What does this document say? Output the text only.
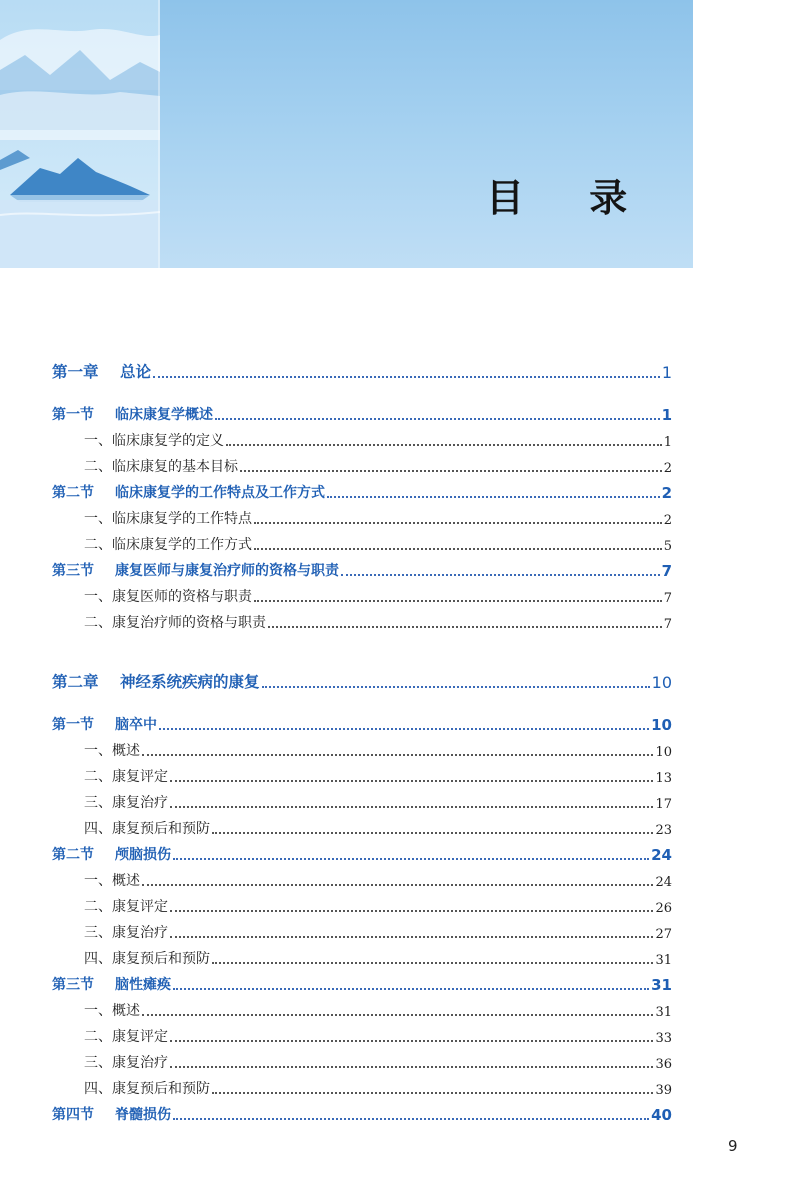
目 录
第一章 总论	1
第一节 临床康复学概述	1
一、临床康复学的定义	1
二、临床康复的基本目标	2
第二节 临床康复学的工作特点及工作方式	2
一、临床康复学的工作特点	2
二、临床康复学的工作方式	5
第三节 康复医师与康复治疗师的资格与职责	7
一、康复医师的资格与职责	7
二、康复治疗师的资格与职责	7
第二章 神经系统疾病的康复	10
第一节 脑卒中	10
一、概述	10
二、康复评定	13
三、康复治疗	17
四、康复预后和预防	23
第二节 颅脑损伤	24
一、概述	24
二、康复评定	26
三、康复治疗	27
四、康复预后和预防	31
第三节 脑性瘫痪	31
一、概述	31
二、康复评定	33
三、康复治疗	36
四、康复预后和预防	39
第四节 脊髓损伤	40
9
